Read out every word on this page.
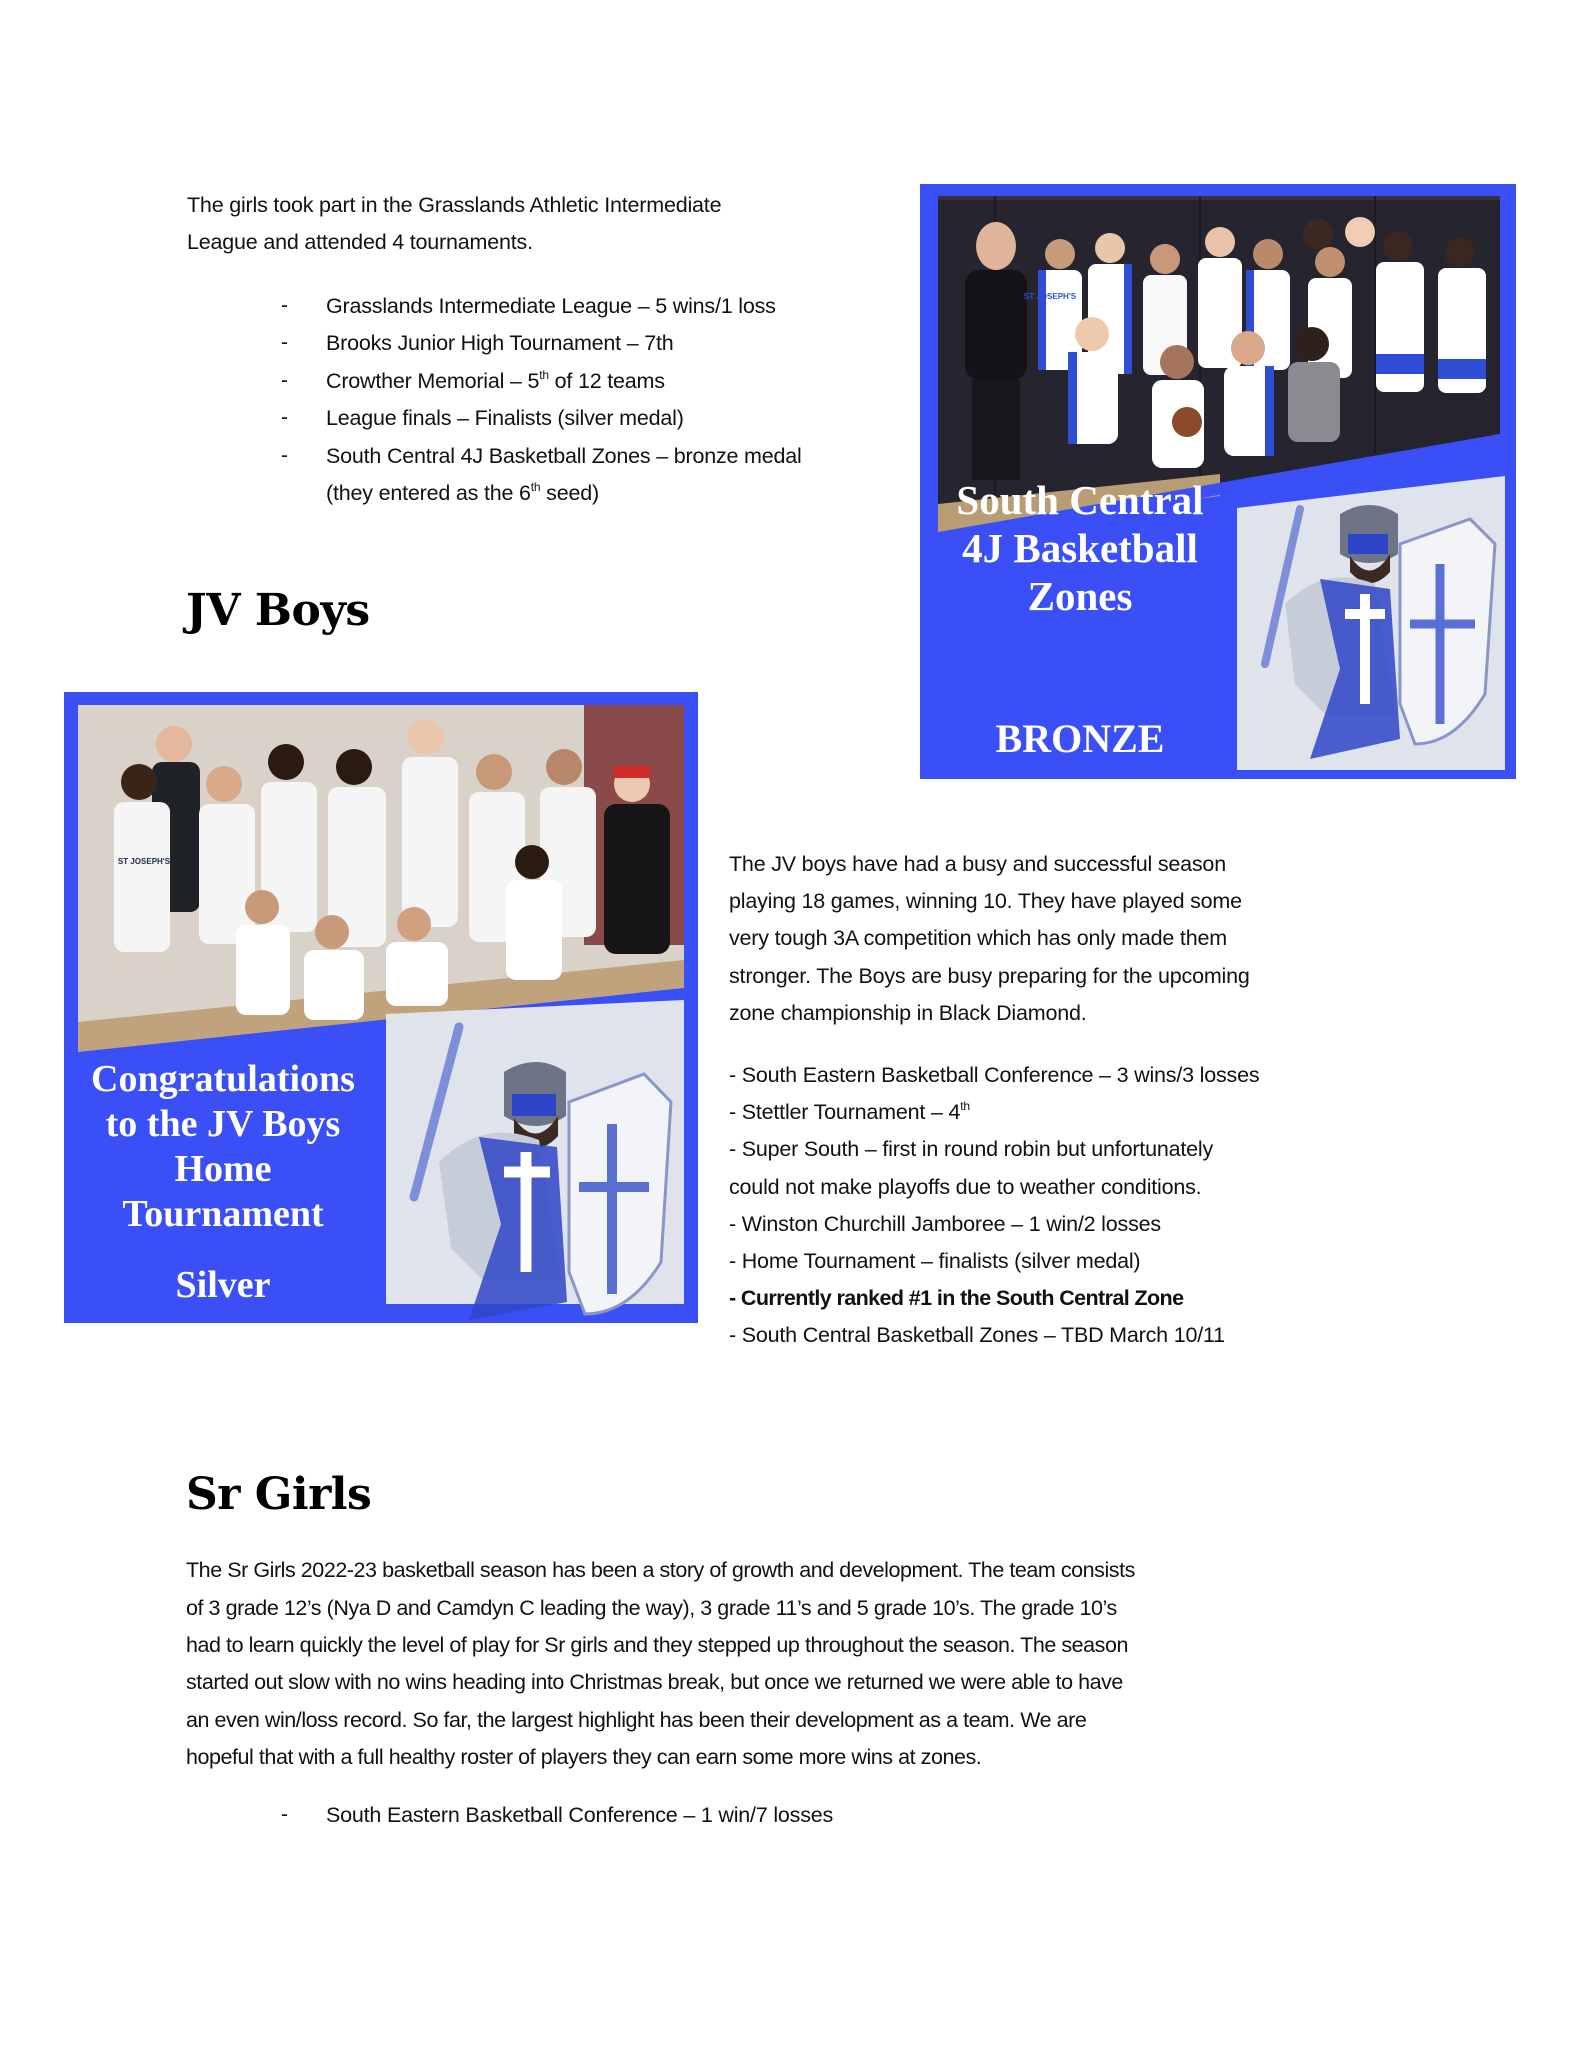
The girls took part in the Grasslands Athletic Intermediate
League and attended 4 tournaments.
- Grasslands Intermediate League – 5 wins/1 loss
- Brooks Junior High Tournament – 7th
- Crowther Memorial – 5th of 12 teams
- League finals – Finalists (silver medal)
- South Central 4J Basketball Zones – bronze medal
(they entered as the 6th seed)	South Central
4J Basketball
Zones
BRONZE
ST JOSEPH'S
JV Boys
Congratulations
to the JV Boys
Home
Tournament
Silver
ST JOSEPH'S	The JV boys have had a busy and successful season
playing 18 games, winning 10. They have played some
very tough 3A competition which has only made them
stronger. The Boys are busy preparing for the upcoming
zone championship in Black Diamond.
- South Eastern Basketball Conference – 3 wins/3 losses
- Stettler Tournament – 4th
- Super South – first in round robin but unfortunately
could not make playoffs due to weather conditions.
- Winston Churchill Jamboree – 1 win/2 losses
- Home Tournament – finalists (silver medal)
- Currently ranked #1 in the South Central Zone
- South Central Basketball Zones – TBD March 10/11
Sr Girls
The Sr Girls 2022-23 basketball season has been a story of growth and development. The team consists
of 3 grade 12’s (Nya D and Camdyn C leading the way), 3 grade 11’s and 5 grade 10’s. The grade 10’s
had to learn quickly the level of play for Sr girls and they stepped up throughout the season. The season
started out slow with no wins heading into Christmas break, but once we returned we were able to have
an even win/loss record. So far, the largest highlight has been their development as a team. We are
hopeful that with a full healthy roster of players they can earn some more wins at zones.
- South Eastern Basketball Conference – 1 win/7 losses
